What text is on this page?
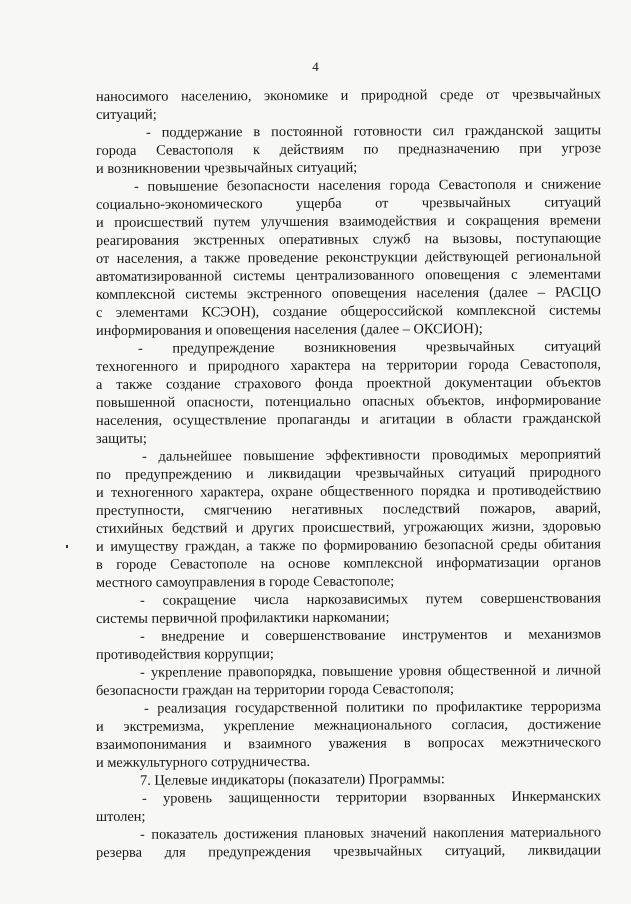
4
наносимого населению, экономике и природной среде от чрезвычайных
ситуаций;
- поддержание в постоянной готовности сил гражданской защиты
города Севастополя к действиям по предназначению при угрозе
и возникновении чрезвычайных ситуаций;
- повышение безопасности населения города Севастополя и снижение
социально-экономического ущерба от чрезвычайных ситуаций
и происшествий путем улучшения взаимодействия и сокращения времени
реагирования экстренных оперативных служб на вызовы, поступающие
от населения, а также проведение реконструкции действующей региональной
автоматизированной системы централизованного оповещения с элементами
комплексной системы экстренного оповещения населения (далее – РАСЦО
с элементами КСЭОН), создание общероссийской комплексной системы
информирования и оповещения населения (далее – ОКСИОН);
- предупреждение возникновения чрезвычайных ситуаций
техногенного и природного характера на территории города Севастополя,
а также создание страхового фонда проектной документации объектов
повышенной опасности, потенциально опасных объектов, информирование
населения, осуществление пропаганды и агитации в области гражданской
защиты;
- дальнейшее повышение эффективности проводимых мероприятий
по предупреждению и ликвидации чрезвычайных ситуаций природного
и техногенного характера, охране общественного порядка и противодействию
преступности, смягчению негативных последствий пожаров, аварий,
стихийных бедствий и других происшествий, угрожающих жизни, здоровью
и имуществу граждан, а также по формированию безопасной среды обитания
в городе Севастополе на основе комплексной информатизации органов
местного самоуправления в городе Севастополе;
- сокращение числа наркозависимых путем совершенствования
системы первичной профилактики наркомании;
- внедрение и совершенствование инструментов и механизмов
противодействия коррупции;
- укрепление правопорядка, повышение уровня общественной и личной
безопасности граждан на территории города Севастополя;
- реализация государственной политики по профилактике терроризма
и экстремизма, укрепление межнационального согласия, достижение
взаимопонимания и взаимного уважения в вопросах межэтнического
и межкультурного сотрудничества.
7. Целевые индикаторы (показатели) Программы:
- уровень защищенности территории взорванных Инкерманских
штолен;
- показатель достижения плановых значений накопления материального
резерва для предупреждения чрезвычайных ситуаций, ликвидации
